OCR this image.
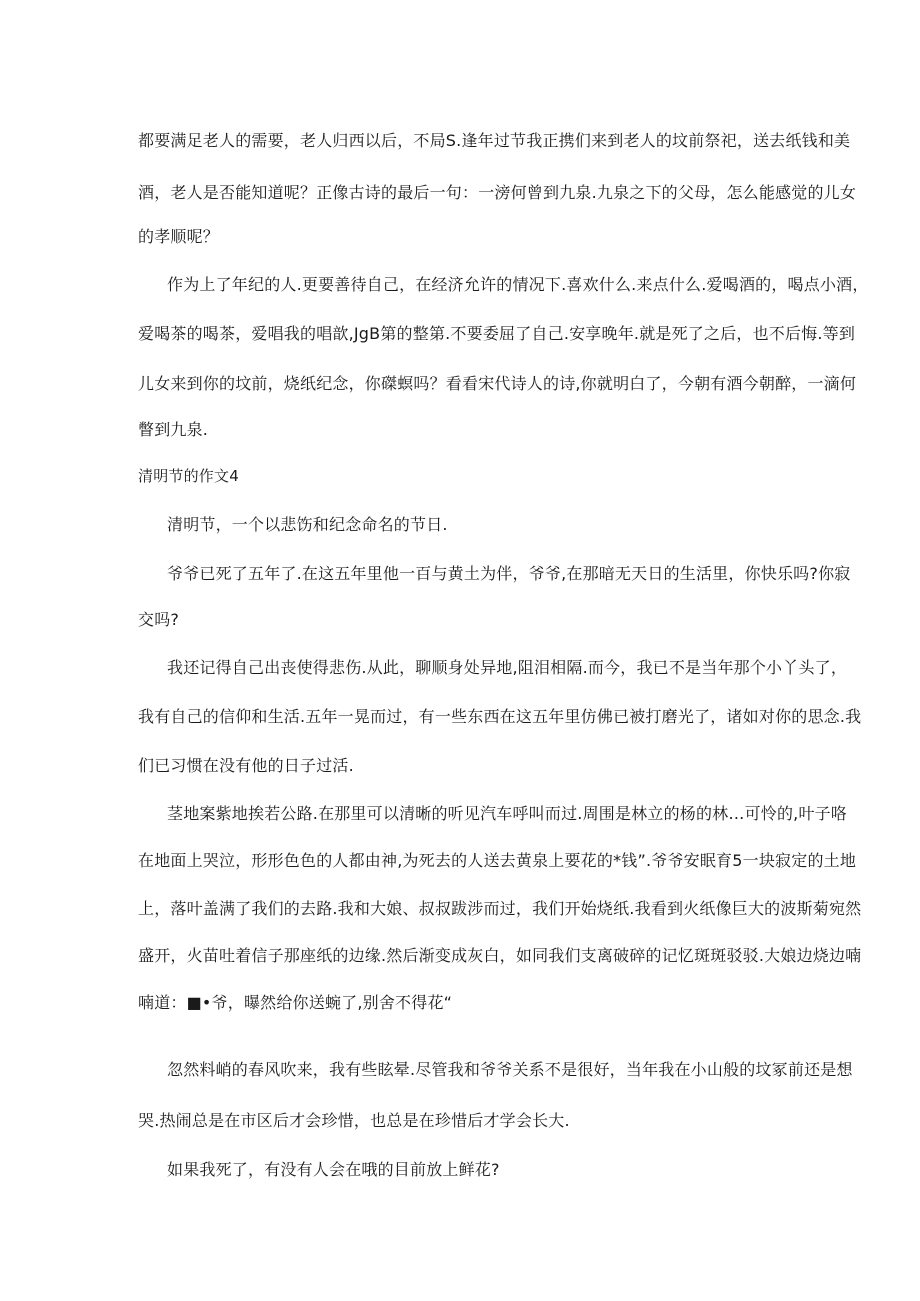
都要满足老人的需要，老人归西以后，不局S.逢年过节我正携们来到老人的坟前祭祀，送去纸钱和美
酒，老人是否能知道呢？正像古诗的最后一句：一滂何曾到九泉.九泉之下的父母，怎么能感觉的儿女
的孝顺呢？
作为上了年纪的人.更要善待自己，在经济允许的情况下.喜欢什么.来点什么.爱喝酒的，喝点小酒，
爱喝茶的喝茶，爱唱我的唱歆,JgB第的整第.不要委屈了自己.安享晚年.就是死了之后，也不后悔.等到
儿女来到你的坟前，烧纸纪念，你磔螟吗？看看宋代诗人的诗,你就明白了，今朝有酒今朝醉，一滴何
瞥到九泉.
清明节的作文4
清明节，一个以悲饬和纪念命名的节日.
爷爷已死了五年了.在这五年里他一百与黄土为伴，爷爷,在那暗无天日的生活里，你快乐吗?你寂
交吗?
我还记得自己出丧使得悲伤.从此，聊顺身处异地,阻泪相隔.而今，我已不是当年那个小丫头了，
我有自己的信仰和生活.五年一晃而过，有一些东西在这五年里仿佛已被打磨光了，诸如对你的思念.我
们已习惯在没有他的日子过活.
茎地案紫地挨若公路.在那里可以清晰的听见汽车呼叫而过.周围是林立的杨的林…可怜的,叶子咯
在地面上哭泣，形形色色的人都由神,为死去的人送去黄泉上要花的*钱”.爷爷安眠育5一块寂定的土地
上，落叶盖满了我们的去路.我和大娘、叔叔跋涉而过，我们开始烧纸.我看到火纸像巨大的波斯菊宛然
盛开，火苗吐着信子那座纸的边缘.然后渐变成灰白，如同我们支离破碎的记忆斑斑驳驳.大娘边烧边喃
喃道：■•爷，曝然给你送蜿了,别舍不得花“
忽然料峭的春风吹来，我有些眩晕.尽管我和爷爷关系不是很好，当年我在小山般的坟冢前还是想
哭.热闹总是在市区后才会珍惜，也总是在珍惜后才学会长大.
如果我死了，有没有人会在哦的目前放上鲜花?
